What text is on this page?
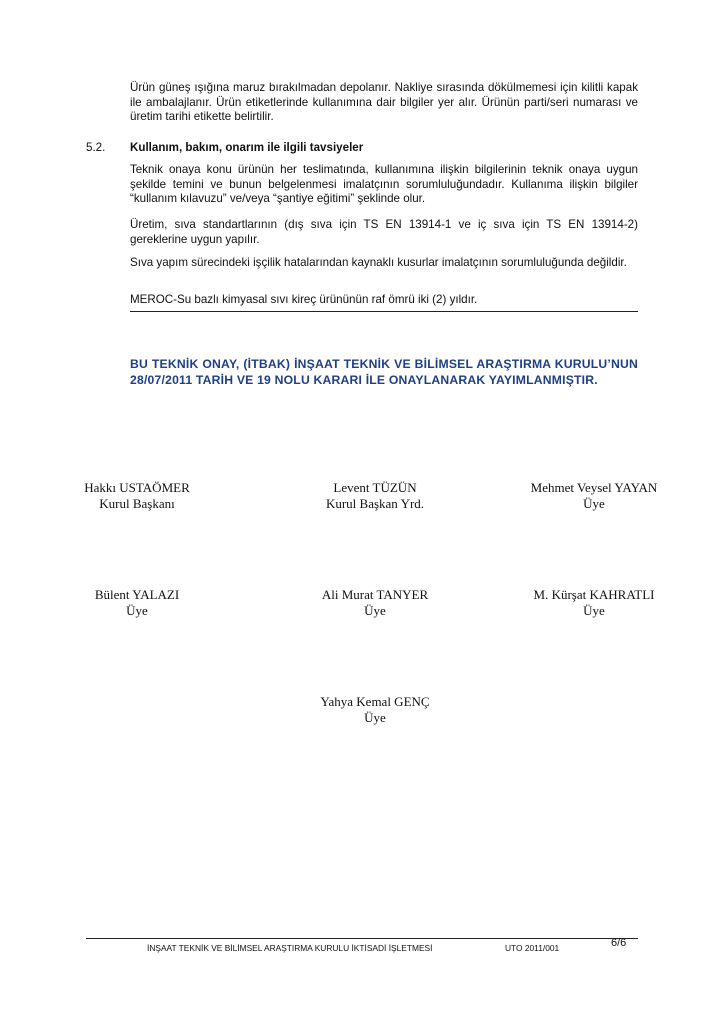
Ürün güneş ışığına maruz bırakılmadan depolanır. Nakliye sırasında dökülmemesi için kilitli kapak ile ambalajlanır. Ürün etiketlerinde kullanımına dair bilgiler yer alır. Ürünün parti/seri numarası ve üretim tarihi etikette belirtilir.

5.2. Kullanım, bakım, onarım ile ilgili tavsiyeler

Teknik onaya konu ürünün her teslimatında, kullanımına ilişkin bilgilerinin teknik onaya uygun şekilde temini ve bunun belgelenmesi imalatçının sorumluluğundadır. Kullanıma ilişkin bilgiler “kullanım kılavuzu” ve/veya “şantiye eğitimi” şeklinde olur.

Üretim, sıva standartlarının (dış sıva için TS EN 13914-1 ve iç sıva için TS EN 13914-2) gereklerine uygun yapılır.

Sıva yapım sürecindeki işçilik hatalarından kaynaklı kusurlar imalatçının sorumluluğunda değildir.

MEROC-Su bazlı kimyasal sıvı kireç ürününün raf ömrü iki (2) yıldır.

BU TEKNİK ONAY, (İTBAK) İNŞAAT TEKNİK VE BİLİMSEL ARAŞTIRMA KURULU’NUN 28/07/2011 TARİH VE 19 NOLU KARARI İLE ONAYLANARAK YAYIMLANMIŞTIR.

Hakkı USTAÖMER
Kurul Başkanı
Levent TÜZÜN
Kurul Başkan Yrd.
Mehmet Veysel YAYAN
Üye
Bülent YALAZI
Üye
Ali Murat TANYER
Üye
M. Kürşat KAHRATLI
Üye
Yahya Kemal GENÇ
Üye
İNŞAAT TEKNİK VE BİLİMSEL ARAŞTIRMA KURULU İKTİSADİ İŞLETMESİ	UTO 2011/001	6/6
